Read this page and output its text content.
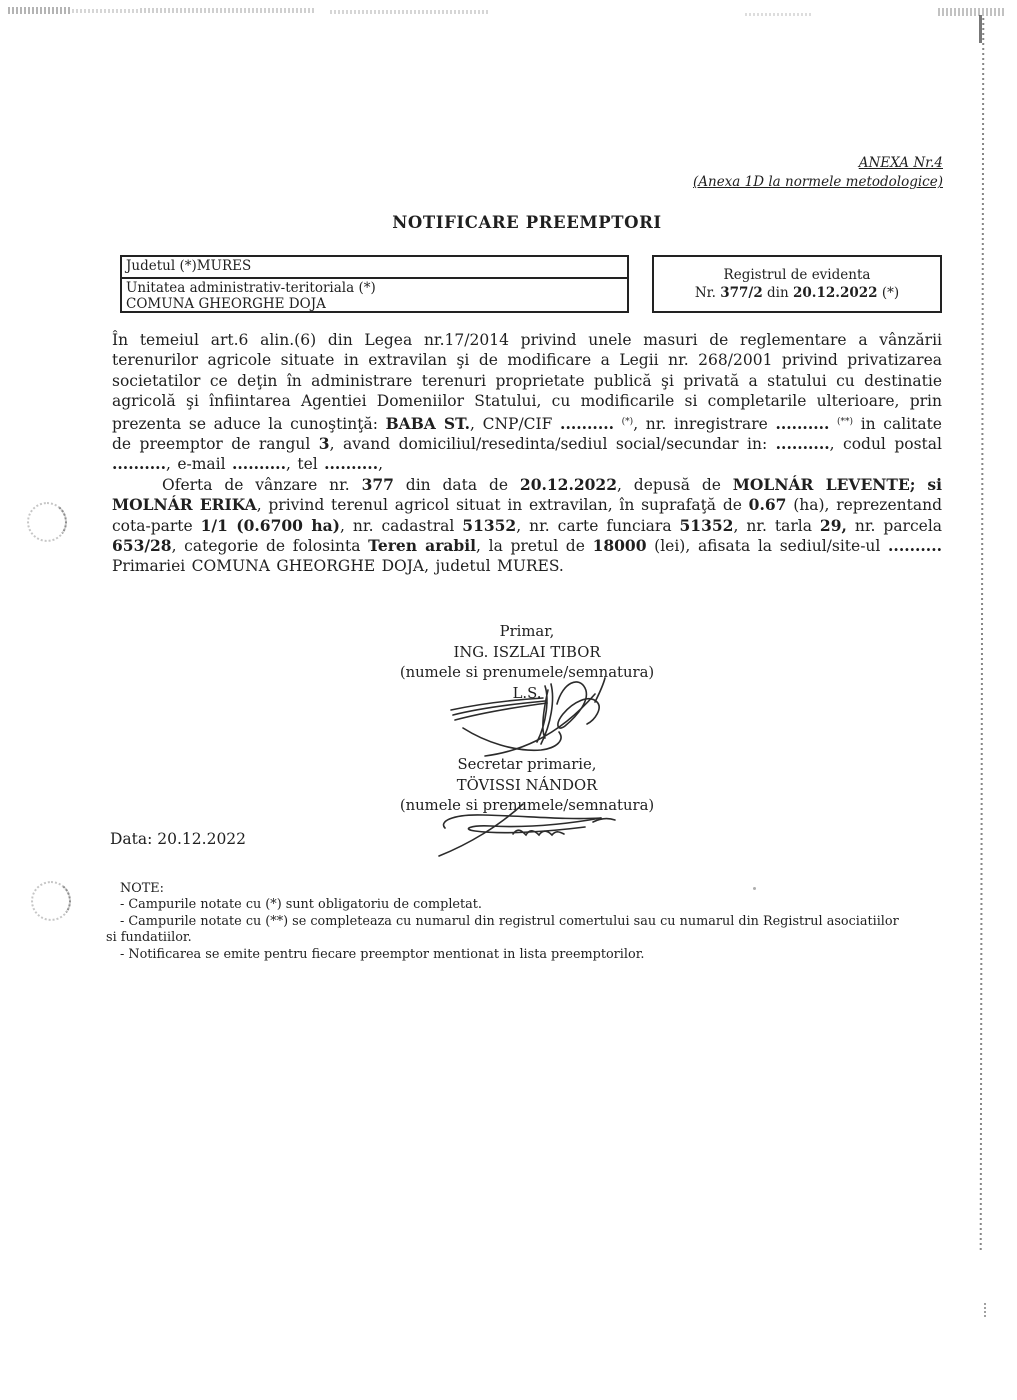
ANEXA Nr.4
(Anexa 1D la normele metodologice)
NOTIFICARE PREEMPTORI
Judetul (*)MURES
Unitatea administrativ-teritoriala (*)
COMUNA GHEORGHE DOJA
Registrul de evidenta
Nr. 377/2 din 20.12.2022 (*)

În temeiul art.6 alin.(6) din Legea nr.17/2014 privind unele masuri de reglementare a vânzării terenurilor agricole situate in extravilan şi de modificare a Legii nr. 268/2001 privind privatizarea societatilor ce deţin în administrare terenuri proprietate publică şi privată a statului cu destinatie agricolă şi înfiintarea Agentiei Domeniilor Statului, cu modificarile si completarile ulterioare, prin prezenta se aduce la cunoştinţă: BABA ST., CNP/CIF .......... (*), nr. inregistrare .......... (**) in calitate de preemptor de rangul 3, avand domiciliul/resedinta/sediul social/secundar in: .........., codul postal .........., e-mail .........., tel ..........,

Oferta de vânzare nr. 377 din data de 20.12.2022, depusă de MOLNÁR LEVENTE; si MOLNÁR ERIKA, privind terenul agricol situat in extravilan, în suprafaţă de 0.67 (ha), reprezentand cota-parte 1/1 (0.6700 ha), nr. cadastral 51352, nr. carte funciara 51352, nr. tarla 29, nr. parcela 653/28, categorie de folosinta Teren arabil, la pretul de 18000 (lei), afisata la sediul/site-ul .......... Primariei COMUNA GHEORGHE DOJA, judetul MURES.

Primar,
ING. ISZLAI TIBOR
(numele si prenumele/semnatura)
L.S.
Secretar primarie,
TÖVISSI NÁNDOR
(numele si prenumele/semnatura)
Data: 20.12.2022
NOTE:
- Campurile notate cu (*) sunt obligatoriu de completat.
- Campurile notate cu (**) se completeaza cu numarul din registrul comertului sau cu numarul din Registrul asociatiilor si fundatiilor.
- Notificarea se emite pentru fiecare preemptor mentionat in lista preemptorilor.
